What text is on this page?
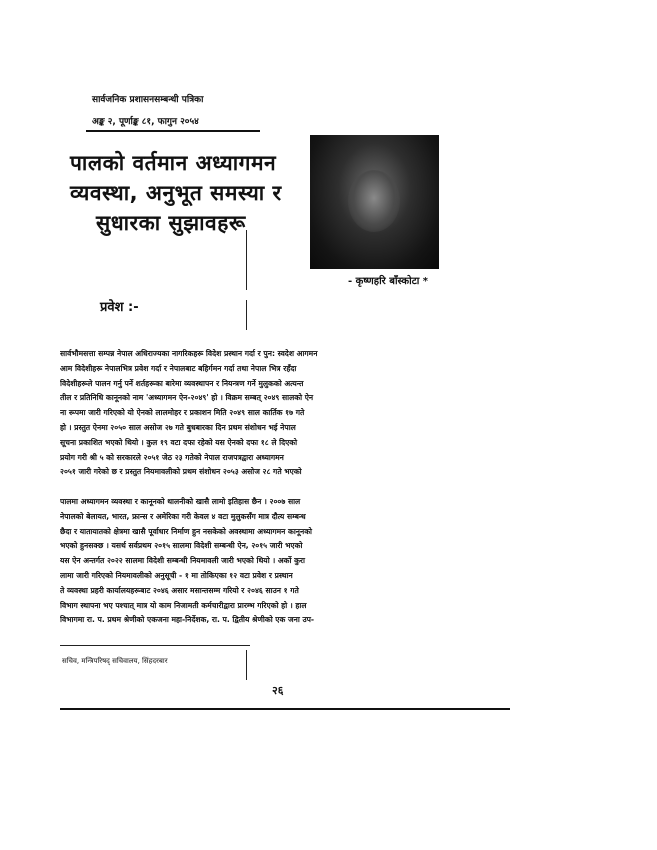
सार्वजनिक प्रशासनसम्बन्धी पत्रिका
अङ्क २, पूर्णाङ्क ८१, फागुन २०५४
पालको वर्तमान अध्यागमन
व्यवस्था, अनुभूत समस्या र
सुधारका सुझावहरू
- कृष्णहरि बाँस्कोटा *
प्रवेश :-
सार्वभौमसत्ता सम्पन्न नेपाल अधिराज्यका नागरिकहरू विदेश प्रस्थान गर्दा र पुन: स्वदेश आगमन
आम विदेशीहरू नेपालभित्र प्रवेश गर्दा र नेपालबाट बहिर्गमन गर्दा तथा नेपाल भित्र रहँदा
विदेशीहरूले पालन गर्नु पर्ने शर्तहरूका बारेमा व्यवस्थापन र नियन्त्रण गर्ने मुलुकको अत्यन्त
तील र प्रतिनिधि कानूनको नाम 'अध्यागमन ऐन-२०४९' हो । विक्रम सम्बत् २०४९ सालको ऐन
ना रूपमा जारी गरिएको यो ऐनको लालमोहर र प्रकाशन मिति २०४९ साल कार्तिक १७ गते
हो । प्रस्तुत ऐनमा २०५० साल असोज २७ गते बुधबारका दिन प्रथम संशोधन भई नेपाल
सूचना प्रकाशित भएको थियो । कुल १९ वटा दफा रहेको यस ऐनको दफा १८ ले दिएको
प्रयोग गरी श्री ५ को सरकारले २०५१ जेठ २३ गतेको नेपाल राजपत्रद्वारा अध्यागमन
२०५१ जारी गरेको छ र प्रस्तुत नियमावलीको प्रथम संशोधन २०५३ असोज २८ गते भएको
पालमा अध्यागमन व्यवस्था र कानूनको थालनीको खासै लामो इतिहास छैन । २००७ साल
नेपालको बेलायत, भारत, फ्रान्स र अमेरिका गरी केवल ४ वटा मुलुकसँग मात्र दौत्य सम्बन्ध
छैदा र यातायातको क्षेत्रमा खासै पूर्वाधार निर्माण हुन नसकेको अवस्थामा अध्यागमन कानूनको
भएको हुनसक्छ । यसर्थ सर्वप्रथम २०१५ सालमा विदेशी सम्बन्धी ऐन, २०१५ जारी भएको
यस ऐन अन्तर्गत २०२२ सालमा विदेशी सम्बन्धी नियमावली जारी भएको थियो । अर्को कुरा
लामा जारी गरिएको नियमावलीको अनुसूची - १ मा तोकिएका १२ वटा प्रवेश र प्रस्थान
ते व्यवस्था प्रहरी कार्यालयहरूबाट २०४६ असार मसान्तसम्म गरियो र २०४६ साउन १ गते
विभाग स्थापना भए पश्चात् मात्र यो काम निजामती कर्मचारीद्वारा प्रारम्भ गरिएको हो । हाल
विभागमा रा. प. प्रथम श्रेणीको एकजना महा-निर्देशक, रा. प. द्वितीय श्रेणीको एक जना उप-
सचिव, मन्त्रिपरिषद् सचिवालय, सिंहदरबार
२६
